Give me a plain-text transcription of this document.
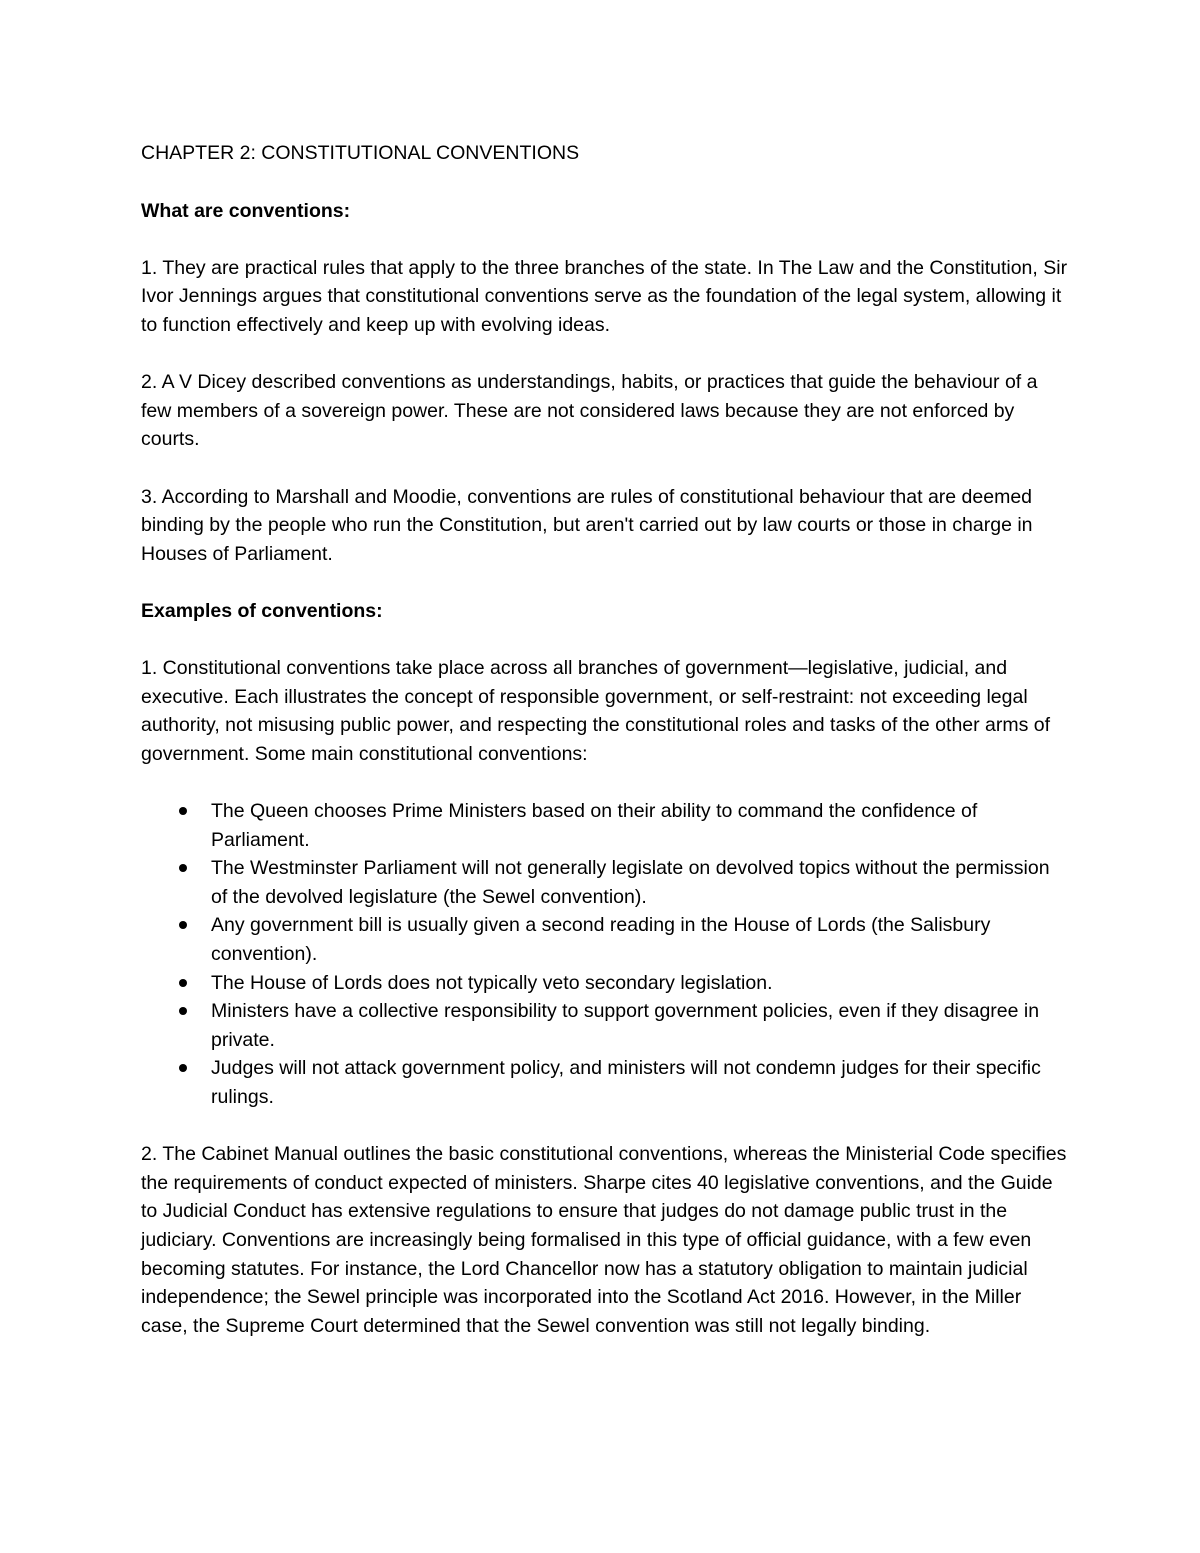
CHAPTER 2: CONSTITUTIONAL CONVENTIONS
What are conventions:

1. They are practical rules that apply to the three branches of the state. In The Law and the Constitution, Sir Ivor Jennings argues that constitutional conventions serve as the foundation of the legal system, allowing it to function effectively and keep up with evolving ideas.

2. A V Dicey described conventions as understandings, habits, or practices that guide the behaviour of a few members of a sovereign power. These are not considered laws because they are not enforced by courts.

3. According to Marshall and Moodie, conventions are rules of constitutional behaviour that are deemed binding by the people who run the Constitution, but aren't carried out by law courts or those in charge in Houses of Parliament.

Examples of conventions:

1. Constitutional conventions take place across all branches of government—legislative, judicial, and executive. Each illustrates the concept of responsible government, or self-restraint: not exceeding legal authority, not misusing public power, and respecting the constitutional roles and tasks of the other arms of government. Some main constitutional conventions:

The Queen chooses Prime Ministers based on their ability to command the confidence of Parliament.
The Westminster Parliament will not generally legislate on devolved topics without the permission of the devolved legislature (the Sewel convention).
Any government bill is usually given a second reading in the House of Lords (the Salisbury convention).
The House of Lords does not typically veto secondary legislation.
Ministers have a collective responsibility to support government policies, even if they disagree in private.
Judges will not attack government policy, and ministers will not condemn judges for their specific rulings.

2. The Cabinet Manual outlines the basic constitutional conventions, whereas the Ministerial Code specifies the requirements of conduct expected of ministers. Sharpe cites 40 legislative conventions, and the Guide to Judicial Conduct has extensive regulations to ensure that judges do not damage public trust in the judiciary. Conventions are increasingly being formalised in this type of official guidance, with a few even becoming statutes. For instance, the Lord Chancellor now has a statutory obligation to maintain judicial independence; the Sewel principle was incorporated into the Scotland Act 2016. However, in the Miller case, the Supreme Court determined that the Sewel convention was still not legally binding.
